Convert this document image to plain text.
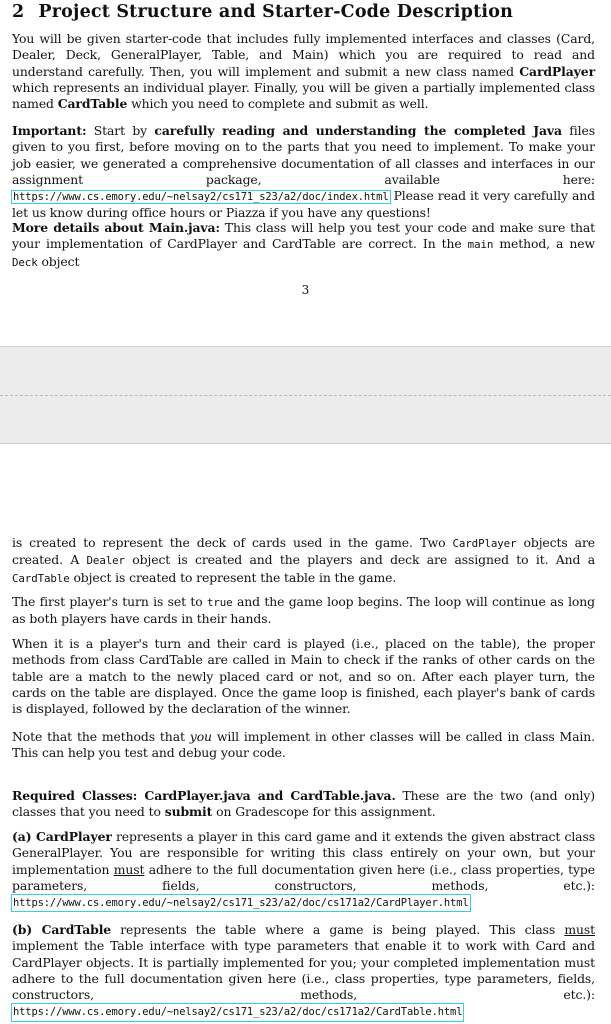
2 Project Structure and Starter-Code Description

You will be given starter-code that includes fully implemented interfaces and classes (Card, Dealer, Deck, GeneralPlayer, Table, and Main) which you are required to read and understand carefully. Then, you will implement and submit a new class named CardPlayer which represents an individual player. Finally, you will be given a partially implemented class named CardTable which you need to complete and submit as well.

Important: Start by carefully reading and understanding the completed Java files given to you first, before moving on to the parts that you need to implement. To make your job easier, we generated a comprehensive documentation of all classes and interfaces in our assignment package, available here: https://www.cs.emory.edu/~nelsay2/cs171_s23/a2/doc/index.html Please read it very carefully and let us know during office hours or Piazza if you have any questions!

More details about Main.java: This class will help you test your code and make sure that your implementation of CardPlayer and CardTable are correct. In the main method, a new Deck object

3

is created to represent the deck of cards used in the game. Two CardPlayer objects are created. A Dealer object is created and the players and deck are assigned to it. And a CardTable object is created to represent the table in the game.

The first player's turn is set to true and the game loop begins. The loop will continue as long as both players have cards in their hands.

When it is a player's turn and their card is played (i.e., placed on the table), the proper methods from class CardTable are called in Main to check if the ranks of other cards on the table are a match to the newly placed card or not, and so on. After each player turn, the cards on the table are displayed. Once the game loop is finished, each player's bank of cards is displayed, followed by the declaration of the winner.

Note that the methods that you will implement in other classes will be called in class Main. This can help you test and debug your code.

Required Classes: CardPlayer.java and CardTable.java. These are the two (and only) classes that you need to submit on Gradescope for this assignment.

(a) CardPlayer represents a player in this card game and it extends the given abstract class GeneralPlayer. You are responsible for writing this class entirely on your own, but your implementation must adhere to the full documentation given here (i.e., class properties, type parameters, fields, constructors, methods, etc.): https://www.cs.emory.edu/~nelsay2/cs171_s23/a2/doc/cs171a2/CardPlayer.html

(b) CardTable represents the table where a game is being played. This class must implement the Table interface with type parameters that enable it to work with Card and CardPlayer objects. It is partially implemented for you; your completed implementation must adhere to the full documentation given here (i.e., class properties, type parameters, fields, constructors, methods, etc.): https://www.cs.emory.edu/~nelsay2/cs171_s23/a2/doc/cs171a2/CardTable.html
